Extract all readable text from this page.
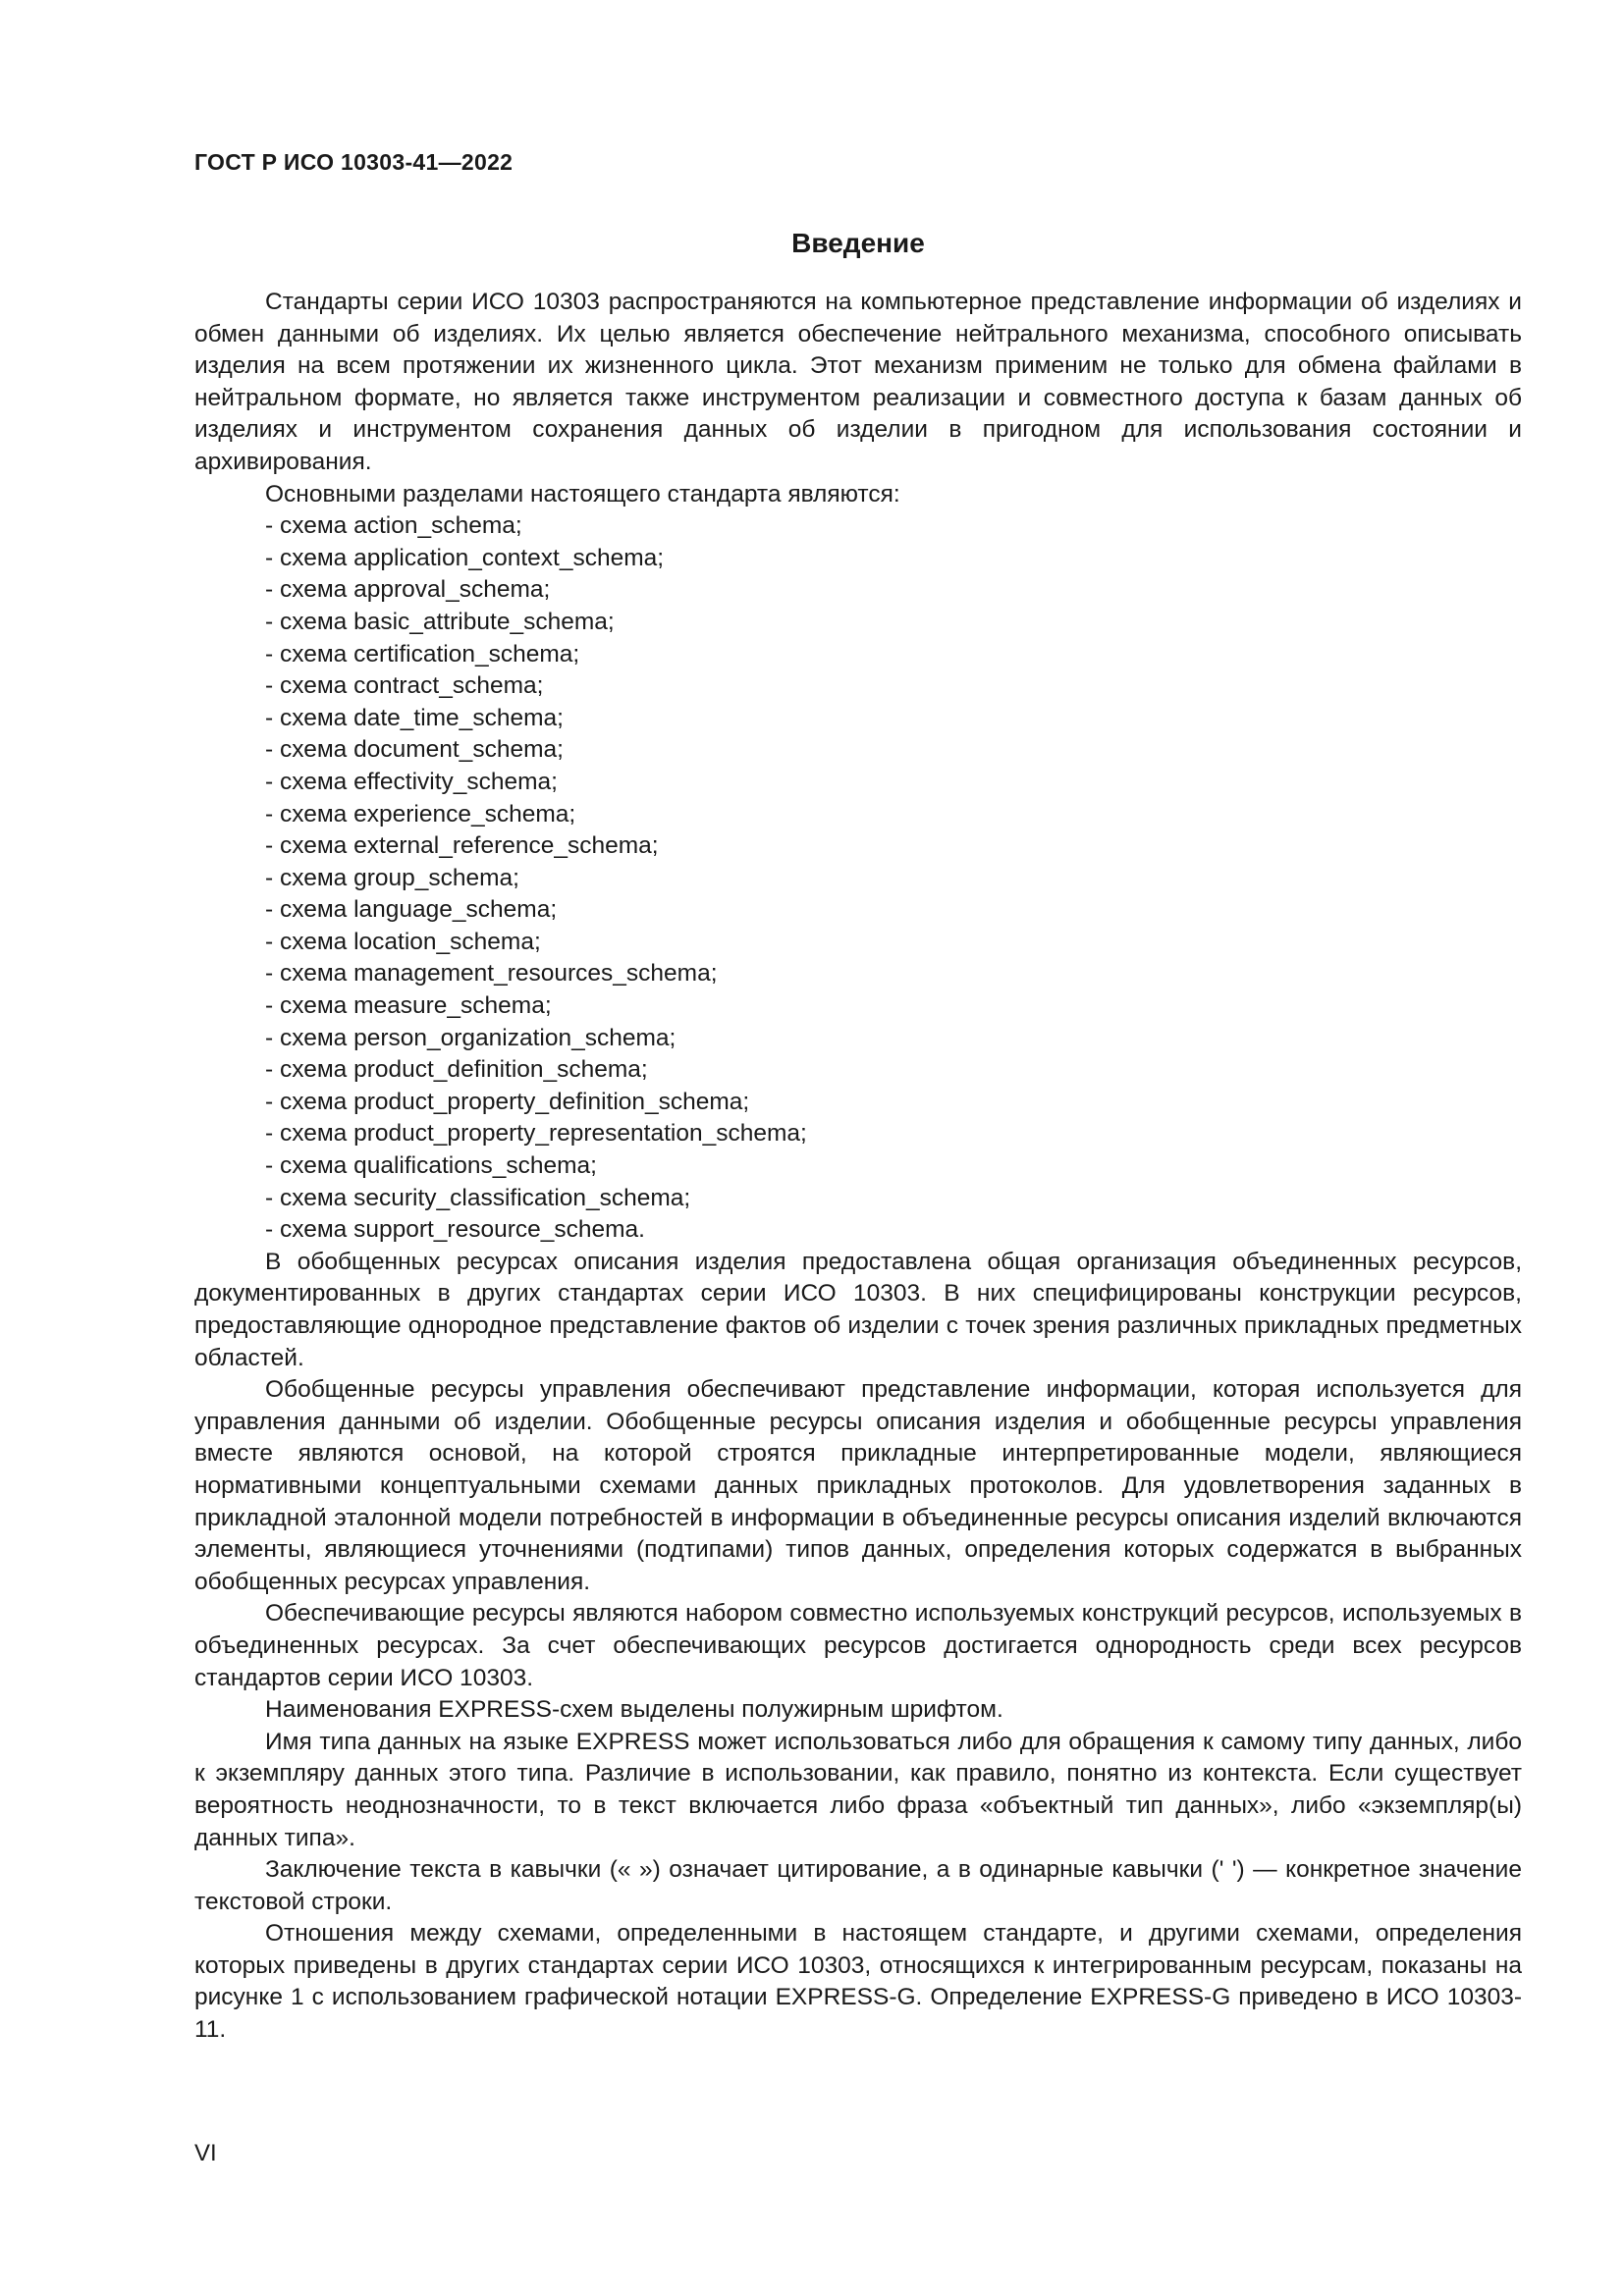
ГОСТ Р ИСО 10303-41—2022

Введение

Стандарты серии ИСО 10303 распространяются на компьютерное представление информации об изделиях и обмен данными об изделиях. Их целью является обеспечение нейтрального механизма, способного описывать изделия на всем протяжении их жизненного цикла. Этот механизм применим не только для обмена файлами в нейтральном формате, но является также инструментом реализации и совместного доступа к базам данных об изделиях и инструментом сохранения данных об изделии в пригодном для использования состоянии и архивирования.

Основными разделами настоящего стандарта являются:

- схема action_schema;
- схема application_context_schema;
- схема approval_schema;
- схема basic_attribute_schema;
- схема certification_schema;
- схема contract_schema;
- схема date_time_schema;
- схема document_schema;
- схема effectivity_schema;
- схема experience_schema;
- схема external_reference_schema;
- схема group_schema;
- схема language_schema;
- схема location_schema;
- схема management_resources_schema;
- схема measure_schema;
- схема person_organization_schema;
- схема product_definition_schema;
- схема product_property_definition_schema;
- схема product_property_representation_schema;
- схема qualifications_schema;
- схема security_classification_schema;
- схема support_resource_schema.

В обобщенных ресурсах описания изделия предоставлена общая организация объединенных ресурсов, документированных в других стандартах серии ИСО 10303. В них специфицированы конструкции ресурсов, предоставляющие однородное представление фактов об изделии с точек зрения различных прикладных предметных областей.

Обобщенные ресурсы управления обеспечивают представление информации, которая используется для управления данными об изделии. Обобщенные ресурсы описания изделия и обобщенные ресурсы управления вместе являются основой, на которой строятся прикладные интерпретированные модели, являющиеся нормативными концептуальными схемами данных прикладных протоколов. Для удовлетворения заданных в прикладной эталонной модели потребностей в информации в объединенные ресурсы описания изделий включаются элементы, являющиеся уточнениями (подтипами) типов данных, определения которых содержатся в выбранных обобщенных ресурсах управления.

Обеспечивающие ресурсы являются набором совместно используемых конструкций ресурсов, используемых в объединенных ресурсах. За счет обеспечивающих ресурсов достигается однородность среди всех ресурсов стандартов серии ИСО 10303.

Наименования EXPRESS-схем выделены полужирным шрифтом.

Имя типа данных на языке EXPRESS может использоваться либо для обращения к самому типу данных, либо к экземпляру данных этого типа. Различие в использовании, как правило, понятно из контекста. Если существует вероятность неоднозначности, то в текст включается либо фраза «объектный тип данных», либо «экземпляр(ы) данных типа».

Заключение текста в кавычки (« ») означает цитирование, а в одинарные кавычки (' ') — конкретное значение текстовой строки.

Отношения между схемами, определенными в настоящем стандарте, и другими схемами, определения которых приведены в других стандартах серии ИСО 10303, относящихся к интегрированным ресурсам, показаны на рисунке 1 с использованием графической нотации EXPRESS-G. Определение EXPRESS-G приведено в ИСО 10303-11.

VI
